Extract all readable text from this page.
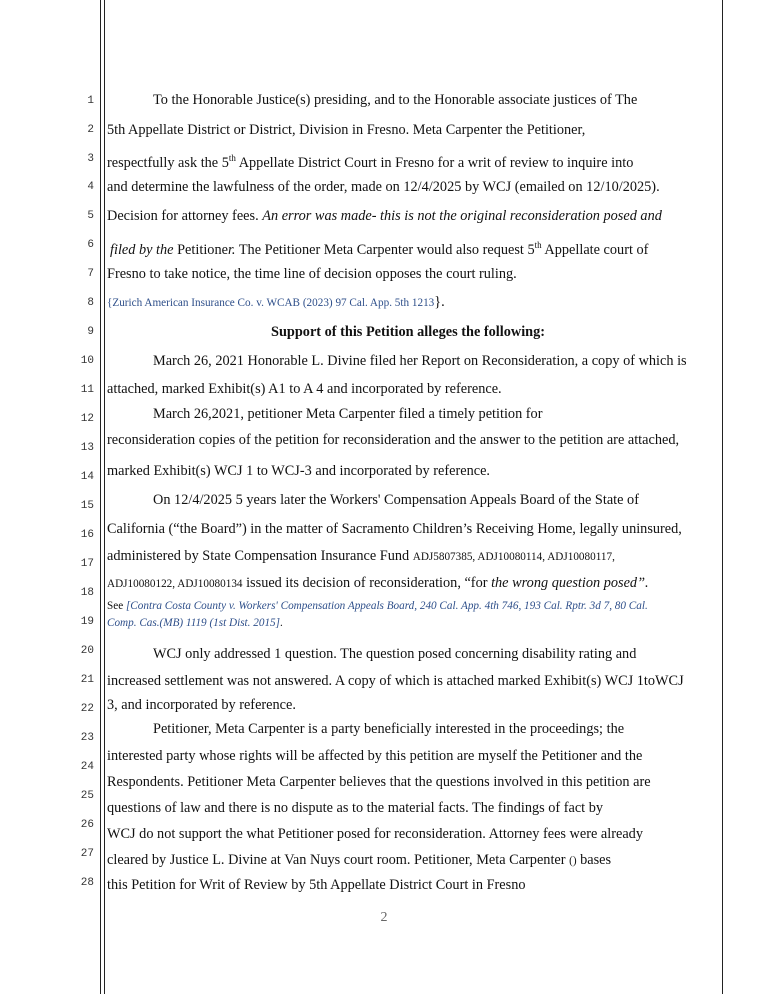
1
2
3
4
5
6
7
8
9
10
11
12
13
14
15
16
17
18
19
20
21
22
23
24
25
26
27
28
To the Honorable Justice(s) presiding, and to the Honorable associate justices of The
5th Appellate District or District, Division in Fresno. Meta Carpenter the Petitioner,
respectfully ask the 5th Appellate District Court in Fresno for a writ of review to inquire into
and determine the lawfulness of the order, made on 12/4/2025 by WCJ (emailed on 12/10/2025).
Decision for attorney fees. An error was made- this is not the original reconsideration posed and
filed by the Petitioner. The Petitioner Meta Carpenter would also request 5th Appellate court of
Fresno to take notice, the time line of decision opposes the court ruling.
{Zurich American Insurance Co. v. WCAB (2023) 97 Cal. App. 5th 1213}.
Support of this Petition alleges the following:
March 26, 2021 Honorable L. Divine filed her Report on Reconsideration, a copy of which is
attached, marked Exhibit(s) A1 to A 4 and incorporated by reference.
March 26,2021, petitioner Meta Carpenter filed a timely petition for
reconsideration copies of the petition for reconsideration and the answer to the petition are attached,
marked Exhibit(s) WCJ 1 to WCJ-3 and incorporated by reference.
On 12/4/2025 5 years later the Workers' Compensation Appeals Board of the State of
California (“the Board”) in the matter of Sacramento Children’s Receiving Home, legally uninsured,
administered by State Compensation Insurance Fund ADJ5807385, ADJ10080114, ADJ10080117,
ADJ10080122, ADJ10080134 issued its decision of reconsideration, “for the wrong question posed”.
See [Contra Costa County v. Workers' Compensation Appeals Board, 240 Cal. App. 4th 746, 193 Cal. Rptr. 3d 7, 80 Cal.
Comp. Cas.(MB) 1119 (1st Dist. 2015].
WCJ only addressed 1 question. The question posed concerning disability rating and
increased settlement was not answered. A copy of which is attached marked Exhibit(s) WCJ 1toWCJ
3, and incorporated by reference.
Petitioner, Meta Carpenter is a party beneficially interested in the proceedings; the
interested party whose rights will be affected by this petition are myself the Petitioner and the
Respondents. Petitioner Meta Carpenter believes that the questions involved in this petition are
questions of law and there is no dispute as to the material facts. The findings of fact by
WCJ do not support the what Petitioner posed for reconsideration. Attorney fees were already
cleared by Justice L. Divine at Van Nuys court room. Petitioner, Meta Carpenter () bases
this Petition for Writ of Review by 5th Appellate District Court in Fresno
2
